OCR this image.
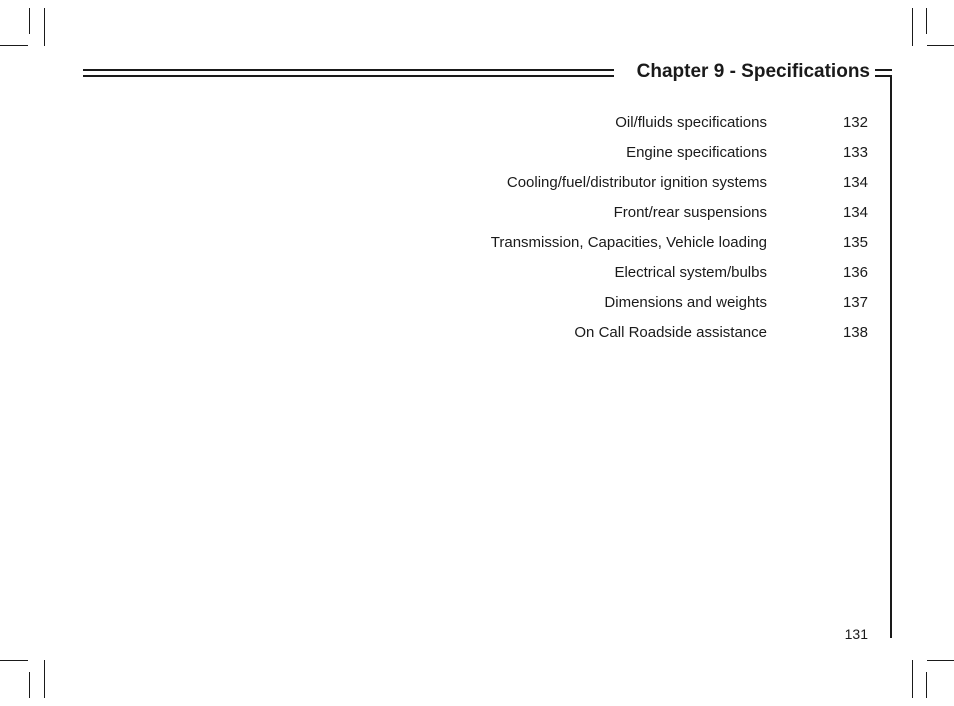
Chapter 9 - Specifications
Oil/fluids specifications	132
Engine specifications	133
Cooling/fuel/distributor ignition systems	134
Front/rear suspensions	134
Transmission, Capacities, Vehicle loading	135
Electrical system/bulbs	136
Dimensions and weights	137
On Call Roadside assistance	138
131
